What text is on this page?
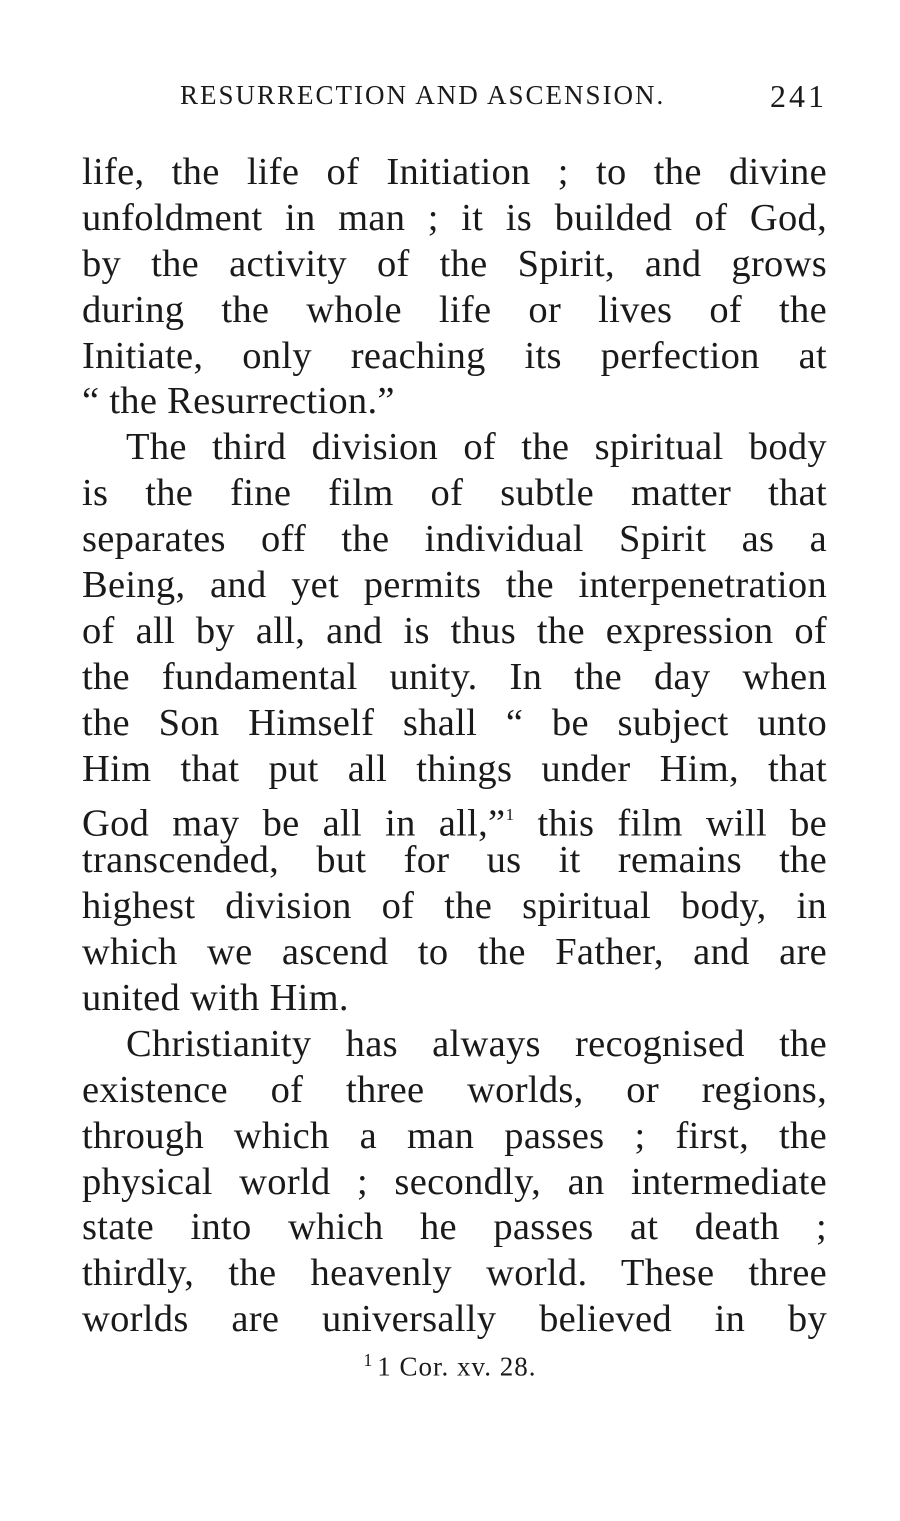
RESURRECTION AND ASCENSION.	241
life, the life of Initiation ; to the divine
unfoldment in man ; it is builded of God,
by the activity of the Spirit, and grows
during the whole life or lives of the
Initiate, only reaching its perfection at
“ the Resurrection.”
The third division of the spiritual body
is the fine film of subtle matter that
separates off the individual Spirit as a
Being, and yet permits the interpenetration
of all by all, and is thus the expression of
the fundamental unity. In the day when
the Son Himself shall “ be subject unto
Him that put all things under Him, that
God may be all in all,”$^1$ this film will be
transcended, but for us it remains the
highest division of the spiritual body, in
which we ascend to the Father, and are
united with Him.
Christianity has always recognised the
existence of three worlds, or regions,
through which a man passes ; first, the
physical world ; secondly, an intermediate
state into which he passes at death ;
thirdly, the heavenly world. These three
worlds are universally believed in by
$^1$ 1 Cor. xv. 28.
